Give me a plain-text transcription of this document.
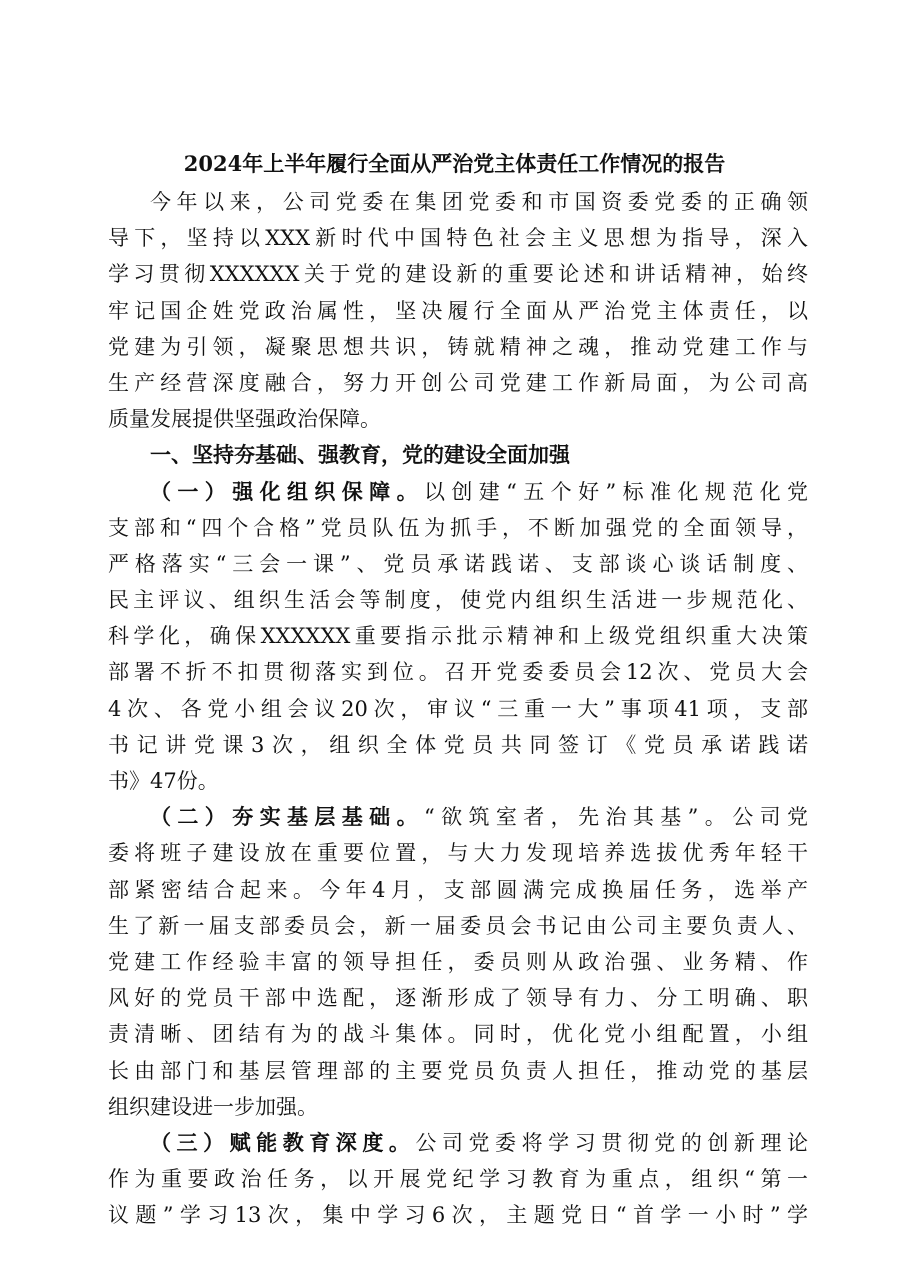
2024年上半年履行全面从严治党主体责任工作情况的报告
今年以来，公司党委在集团党委和市国资委党委的正确领
导下，坚持以XXX新时代中国特色社会主义思想为指导，深入
学习贯彻XXXXXX关于党的建设新的重要论述和讲话精神，始终
牢记国企姓党政治属性，坚决履行全面从严治党主体责任，以
党建为引领，凝聚思想共识，铸就精神之魂，推动党建工作与
生产经营深度融合，努力开创公司党建工作新局面，为公司高
质量发展提供坚强政治保障。
一、坚持夯基础、强教育，党的建设全面加强
（一）强化组织保障。以创建“五个好”标准化规范化党
支部和“四个合格”党员队伍为抓手，不断加强党的全面领导，
严格落实“三会一课”、党员承诺践诺、支部谈心谈话制度、
民主评议、组织生活会等制度，使党内组织生活进一步规范化、
科学化，确保XXXXXX重要指示批示精神和上级党组织重大决策
部署不折不扣贯彻落实到位。召开党委委员会12次、党员大会
4次、各党小组会议20次，审议“三重一大”事项41项，支部
书记讲党课3次，组织全体党员共同签订《党员承诺践诺
书》47份。
（二）夯实基层基础。“欲筑室者，先治其基”。公司党
委将班子建设放在重要位置，与大力发现培养选拔优秀年轻干
部紧密结合起来。今年4月，支部圆满完成换届任务，选举产
生了新一届支部委员会，新一届委员会书记由公司主要负责人、
党建工作经验丰富的领导担任，委员则从政治强、业务精、作
风好的党员干部中选配，逐渐形成了领导有力、分工明确、职
责清晰、团结有为的战斗集体。同时，优化党小组配置，小组
长由部门和基层管理部的主要党员负责人担任，推动党的基层
组织建设进一步加强。
（三）赋能教育深度。公司党委将学习贯彻党的创新理论
作为重要政治任务，以开展党纪学习教育为重点，组织“第一
议题”学习13次，集中学习6次，主题党日“首学一小时”学
